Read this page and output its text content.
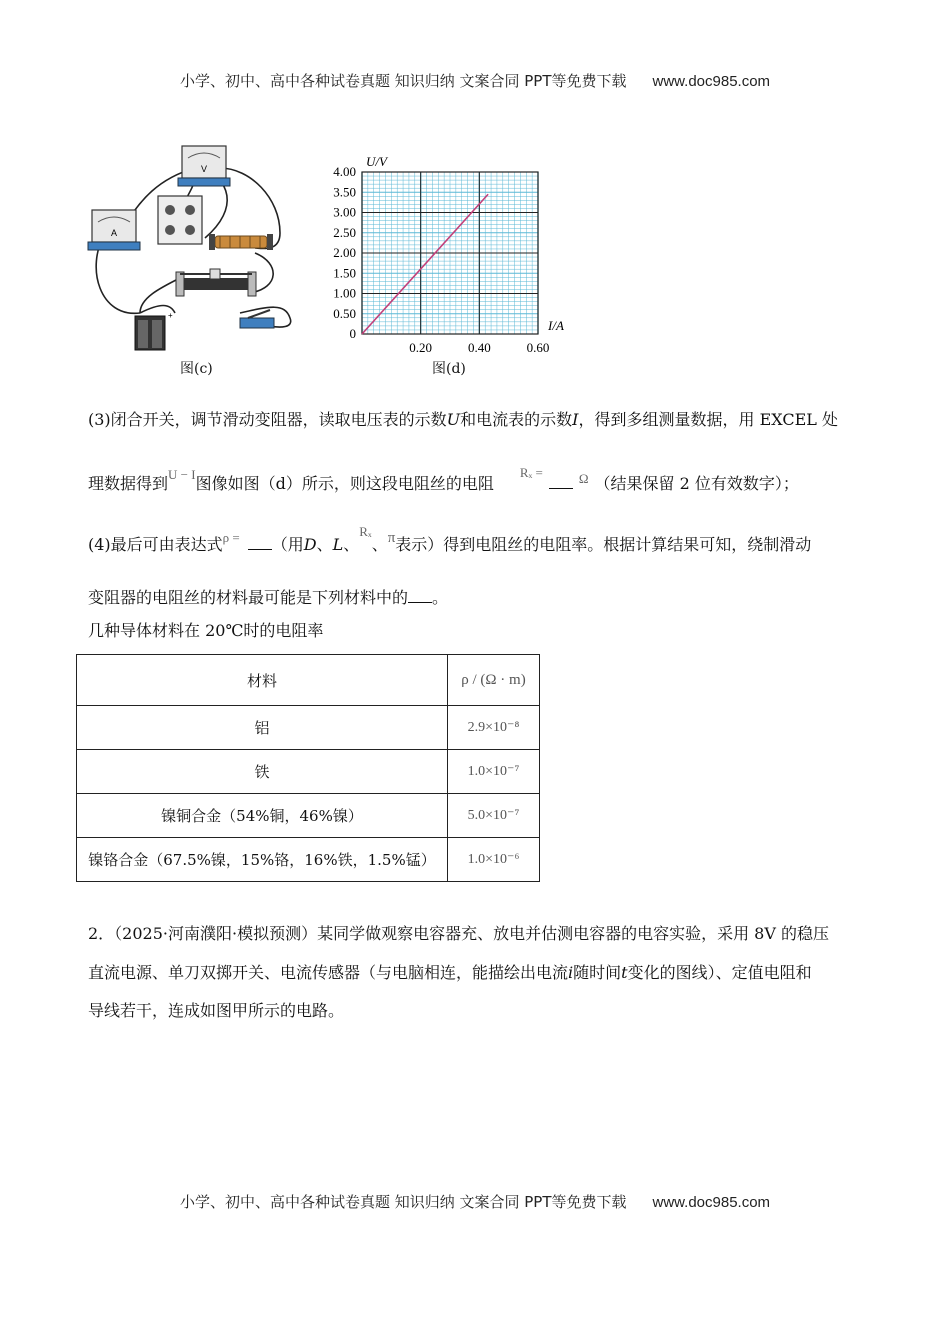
小学、初中、高中各种试卷真题 知识归纳 文案合同 PPT等免费下载 www.doc985.com
V
A
+
图(c)
0
0.50
1.00
1.50
2.00
2.50
3.00
3.50
4.00
0.20	0.40	0.60
U/V
I/A
图(d)
(3)闭合开关，调节滑动变阻器，读取电压表的示数U和电流表的示数I，得到多组测量数据，用 EXCEL 处
理数据得到$^{U - I}$图像如图（d）所示，则这段电阻丝的电阻$^{R_x =}$	$^\Omega$ （结果保留 2 位有效数字）；
(4)最后可由表达式$^{\rho =}$ （用D、L、$^{R_x}$、π表示）得到电阻丝的电阻率。根据计算结果可知，绕制滑动
变阻器的电阻丝的材料最可能是下列材料中的 。
几种导体材料在 20℃时的电阻率
材料	ρ / (Ω · m)
铝	2.9×10⁻⁸
铁	1.0×10⁻⁷
镍铜合金（54%铜，46%镍）	5.0×10⁻⁷
镍铬合金（67.5%镍，15%铬，16%铁，1.5%锰）	1.0×10⁻⁶
2．（2025·河南濮阳·模拟预测）某同学做观察电容器充、放电并估测电容器的电容实验，采用 8V 的稳压
直流电源、单刀双掷开关、电流传感器（与电脑相连，能描绘出电流i随时间t变化的图线）、定值电阻和
导线若干，连成如图甲所示的电路。
小学、初中、高中各种试卷真题 知识归纳 文案合同 PPT等免费下载 www.doc985.com
